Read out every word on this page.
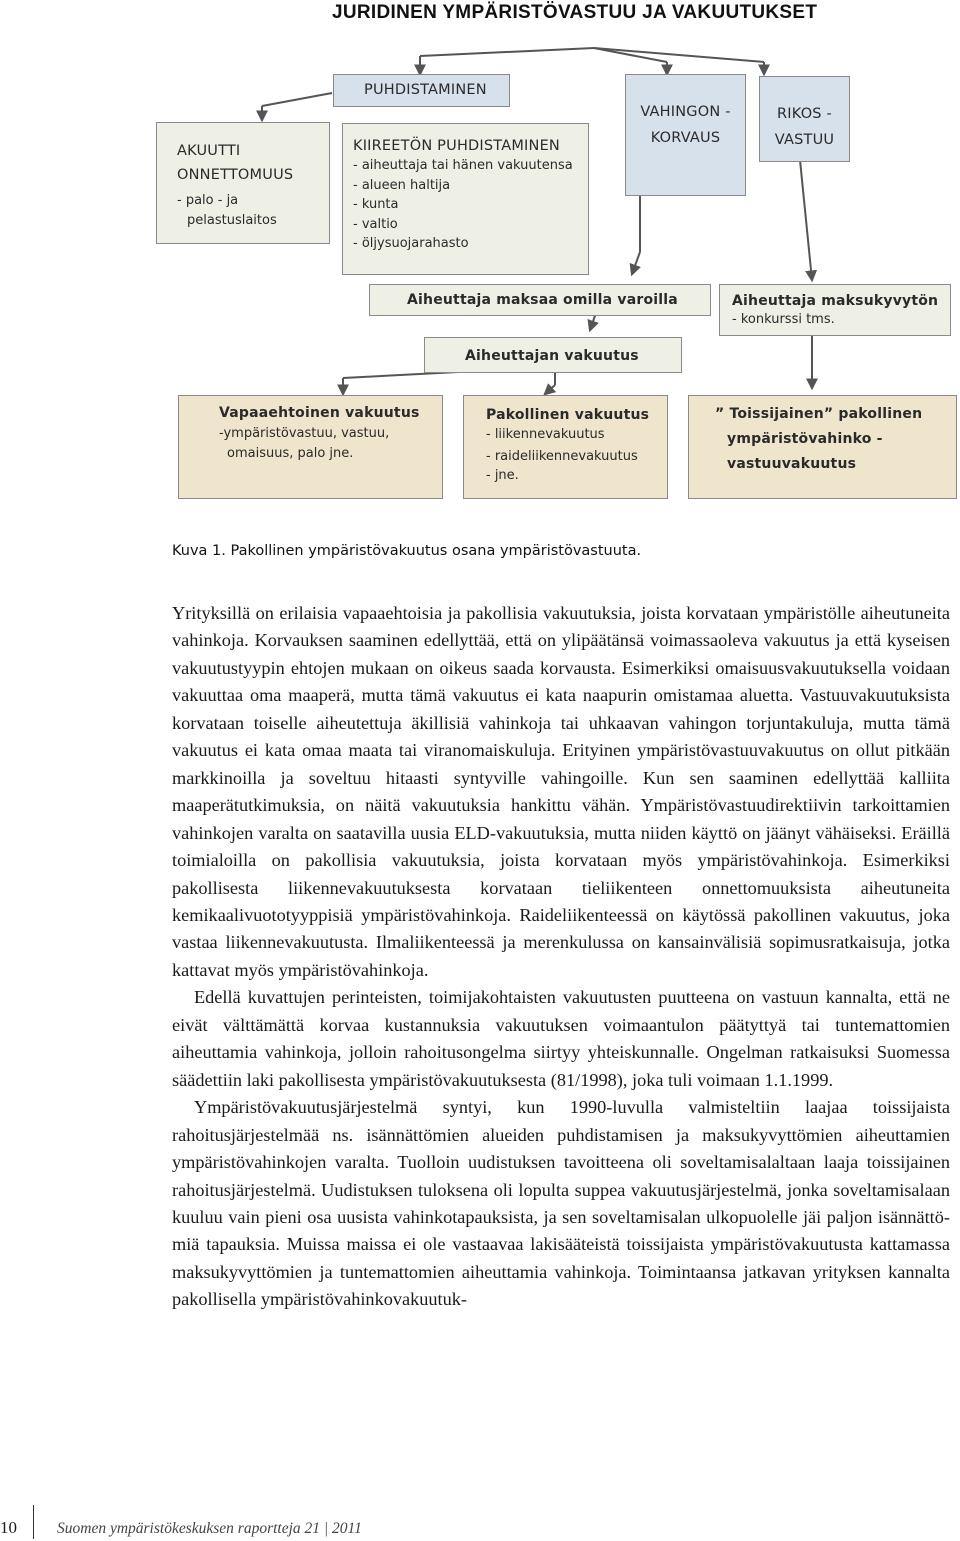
JURIDINEN YMPÄRISTÖVASTUU JA VAKUUTUKSET
AKUUTTI
ONNETTOMUUS
- palo - ja
pelastuslaitos
PUHDISTAMINEN
KIIREETÖN PUHDISTAMINEN
- aiheuttaja tai hänen vakuutensa
- alueen haltija
- kunta
- valtio
- öljysuojarahasto
VAHINGON -
KORVAUS
RIKOS -
VASTUU
Aiheuttaja maksaa omilla varoilla	Aiheuttaja maksukyvytön
- konkurssi tms.
Aiheuttajan vakuutus
Vapaaehtoinen vakuutus
-ympäristövastuu, vastuu,
omaisuus, palo jne.
Pakollinen vakuutus
- liikennevakuutus
- raideliikennevakuutus
- jne.
” Toissijainen” pakollinen
ympäristövahinko -
vastuuvakuutus
Kuva 1. Pakollinen ympäristövakuutus osana ympäristövastuuta.

Yrityksillä on erilaisia vapaaehtoisia ja pakollisia vakuutuksia, joista korvataan ympäristölle aiheutuneita vahinkoja. Korvauksen saaminen edellyttää, että on ylipäätänsä voimassaoleva vakuutus ja että kyseisen vakuutustyypin ehtojen mukaan on oikeus saada korvausta. Esimerkiksi omaisuusvakuutuksella voidaan vakuuttaa oma maaperä, mutta tämä vakuutus ei kata naapurin omistamaa aluetta. Vastuuvakuutuksista korvataan toiselle aiheutettuja äkillisiä vahinkoja tai uhkaavan vahingon torjuntakuluja, mutta tämä vakuutus ei kata omaa maata tai viranomaiskuluja. Erityinen ympäristövastuuvakuutus on ollut pitkään markkinoilla ja soveltuu hitaasti syntyville vahingoille. Kun sen saaminen edellyttää kalliita maaperätutkimuksia, on näitä vakuutuksia hankittu vähän. Ympäristövastuudirektiivin tarkoittamien vahinkojen varalta on saatavilla uusia ELD-vakuutuksia, mutta niiden käyttö on jäänyt vähäiseksi. Eräillä toimialoilla on pakollisia vakuutuksia, joista korvataan myös ympäristövahinkoja. Esimerkiksi pakollisesta liikennevakuutuksesta korvataan tieliikenteen onnettomuuksista aiheutuneita kemikaalivuototyyppisiä ympäristövahinkoja. Raideliikenteessä on käytössä pakollinen vakuutus, joka vastaa liikennevakuutusta. Ilmaliikenteessä ja merenkulussa on kansainvälisiä sopimusratkaisuja, jotka kattavat myös ympäristövahinkoja.

Edellä kuvattujen perinteisten, toimijakohtaisten vakuutusten puutteena on vastuun kannalta, että ne eivät välttämättä korvaa kustannuksia vakuutuksen voimaantulon päätyttyä tai tuntemattomien aiheuttamia vahinkoja, jolloin rahoitusongelma siirtyy yhteiskunnalle. Ongelman ratkaisuksi Suomessa säädettiin laki pakollisesta ympäristövakuutuksesta (81/1998), joka tuli voimaan 1.1.1999.

Ympäristövakuutusjärjestelmä syntyi, kun 1990-luvulla valmisteltiin laajaa toissijaista rahoitusjärjestelmää ns. isännättömien alueiden puhdistamisen ja maksukyvyttömien aiheuttamien ympäristövahinkojen varalta. Tuolloin uudistuksen tavoitteena oli soveltamisalaltaan laaja toissijainen rahoitusjärjestelmä. Uudistuksen tuloksena oli lopulta suppea vakuutusjärjestelmä, jonka soveltamisalaan kuuluu vain pieni osa uusista vahinkotapauksista, ja sen soveltamisalan ulkopuolelle jäi paljon isännättömiä tapauksia. Muissa maissa ei ole vastaavaa lakisääteistä toissijaista ympäristövakuutusta kattamassa maksukyvyttömien ja tuntemattomien aiheuttamia vahinkoja. Toimintaansa jatkavan yrityksen kannalta pakollisella ympäristövahinkovakuutuk-

10	Suomen ympäristökeskuksen raportteja 21 | 2011
